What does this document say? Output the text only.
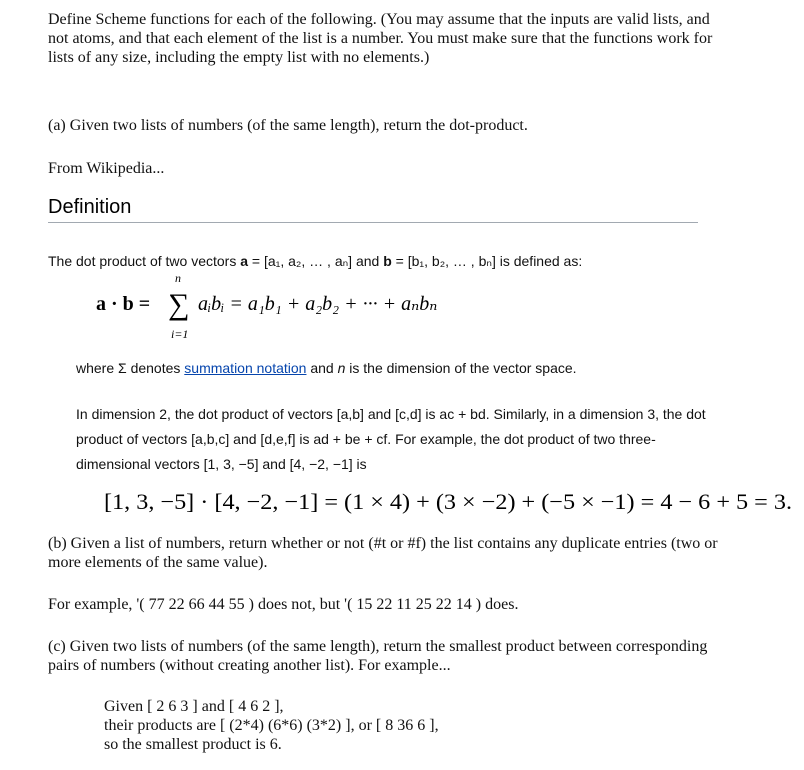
Define Scheme functions for each of the following. (You may assume that the inputs are valid lists, and not atoms, and that each element of the list is a number. You must make sure that the functions work for lists of any size, including the empty list with no elements.)
(a) Given two lists of numbers (of the same length), return the dot-product.
From Wikipedia...
Definition
The dot product of two vectors a = [a₁, a₂, … , aₙ] and b = [b₁, b₂, … , bₙ] is defined as:
a · b =
n
∑
i=1
aᵢbᵢ = a₁b₁ + a₂b₂ + ··· + aₙbₙ
where Σ denotes summation notation and n is the dimension of the vector space.
In dimension 2, the dot product of vectors [a,b] and [c,d] is ac + bd. Similarly, in a dimension 3, the dot product of vectors [a,b,c] and [d,e,f] is ad + be + cf. For example, the dot product of two three-dimensional vectors [1, 3, −5] and [4, −2, −1] is
[1, 3, −5] · [4, −2, −1] = (1 × 4) + (3 × −2) + (−5 × −1) = 4 − 6 + 5 = 3.
(b) Given a list of numbers, return whether or not (#t or #f) the list contains any duplicate entries (two or more elements of the same value).
For example, '( 77 22 66 44 55 ) does not, but '( 15 22 11 25 22 14 ) does.
(c) Given two lists of numbers (of the same length), return the smallest product between corresponding pairs of numbers (without creating another list). For example...
Given [ 2 6 3 ] and [ 4 6 2 ],
their products are [ (2*4) (6*6) (3*2) ], or [ 8 36 6 ],
so the smallest product is 6.
